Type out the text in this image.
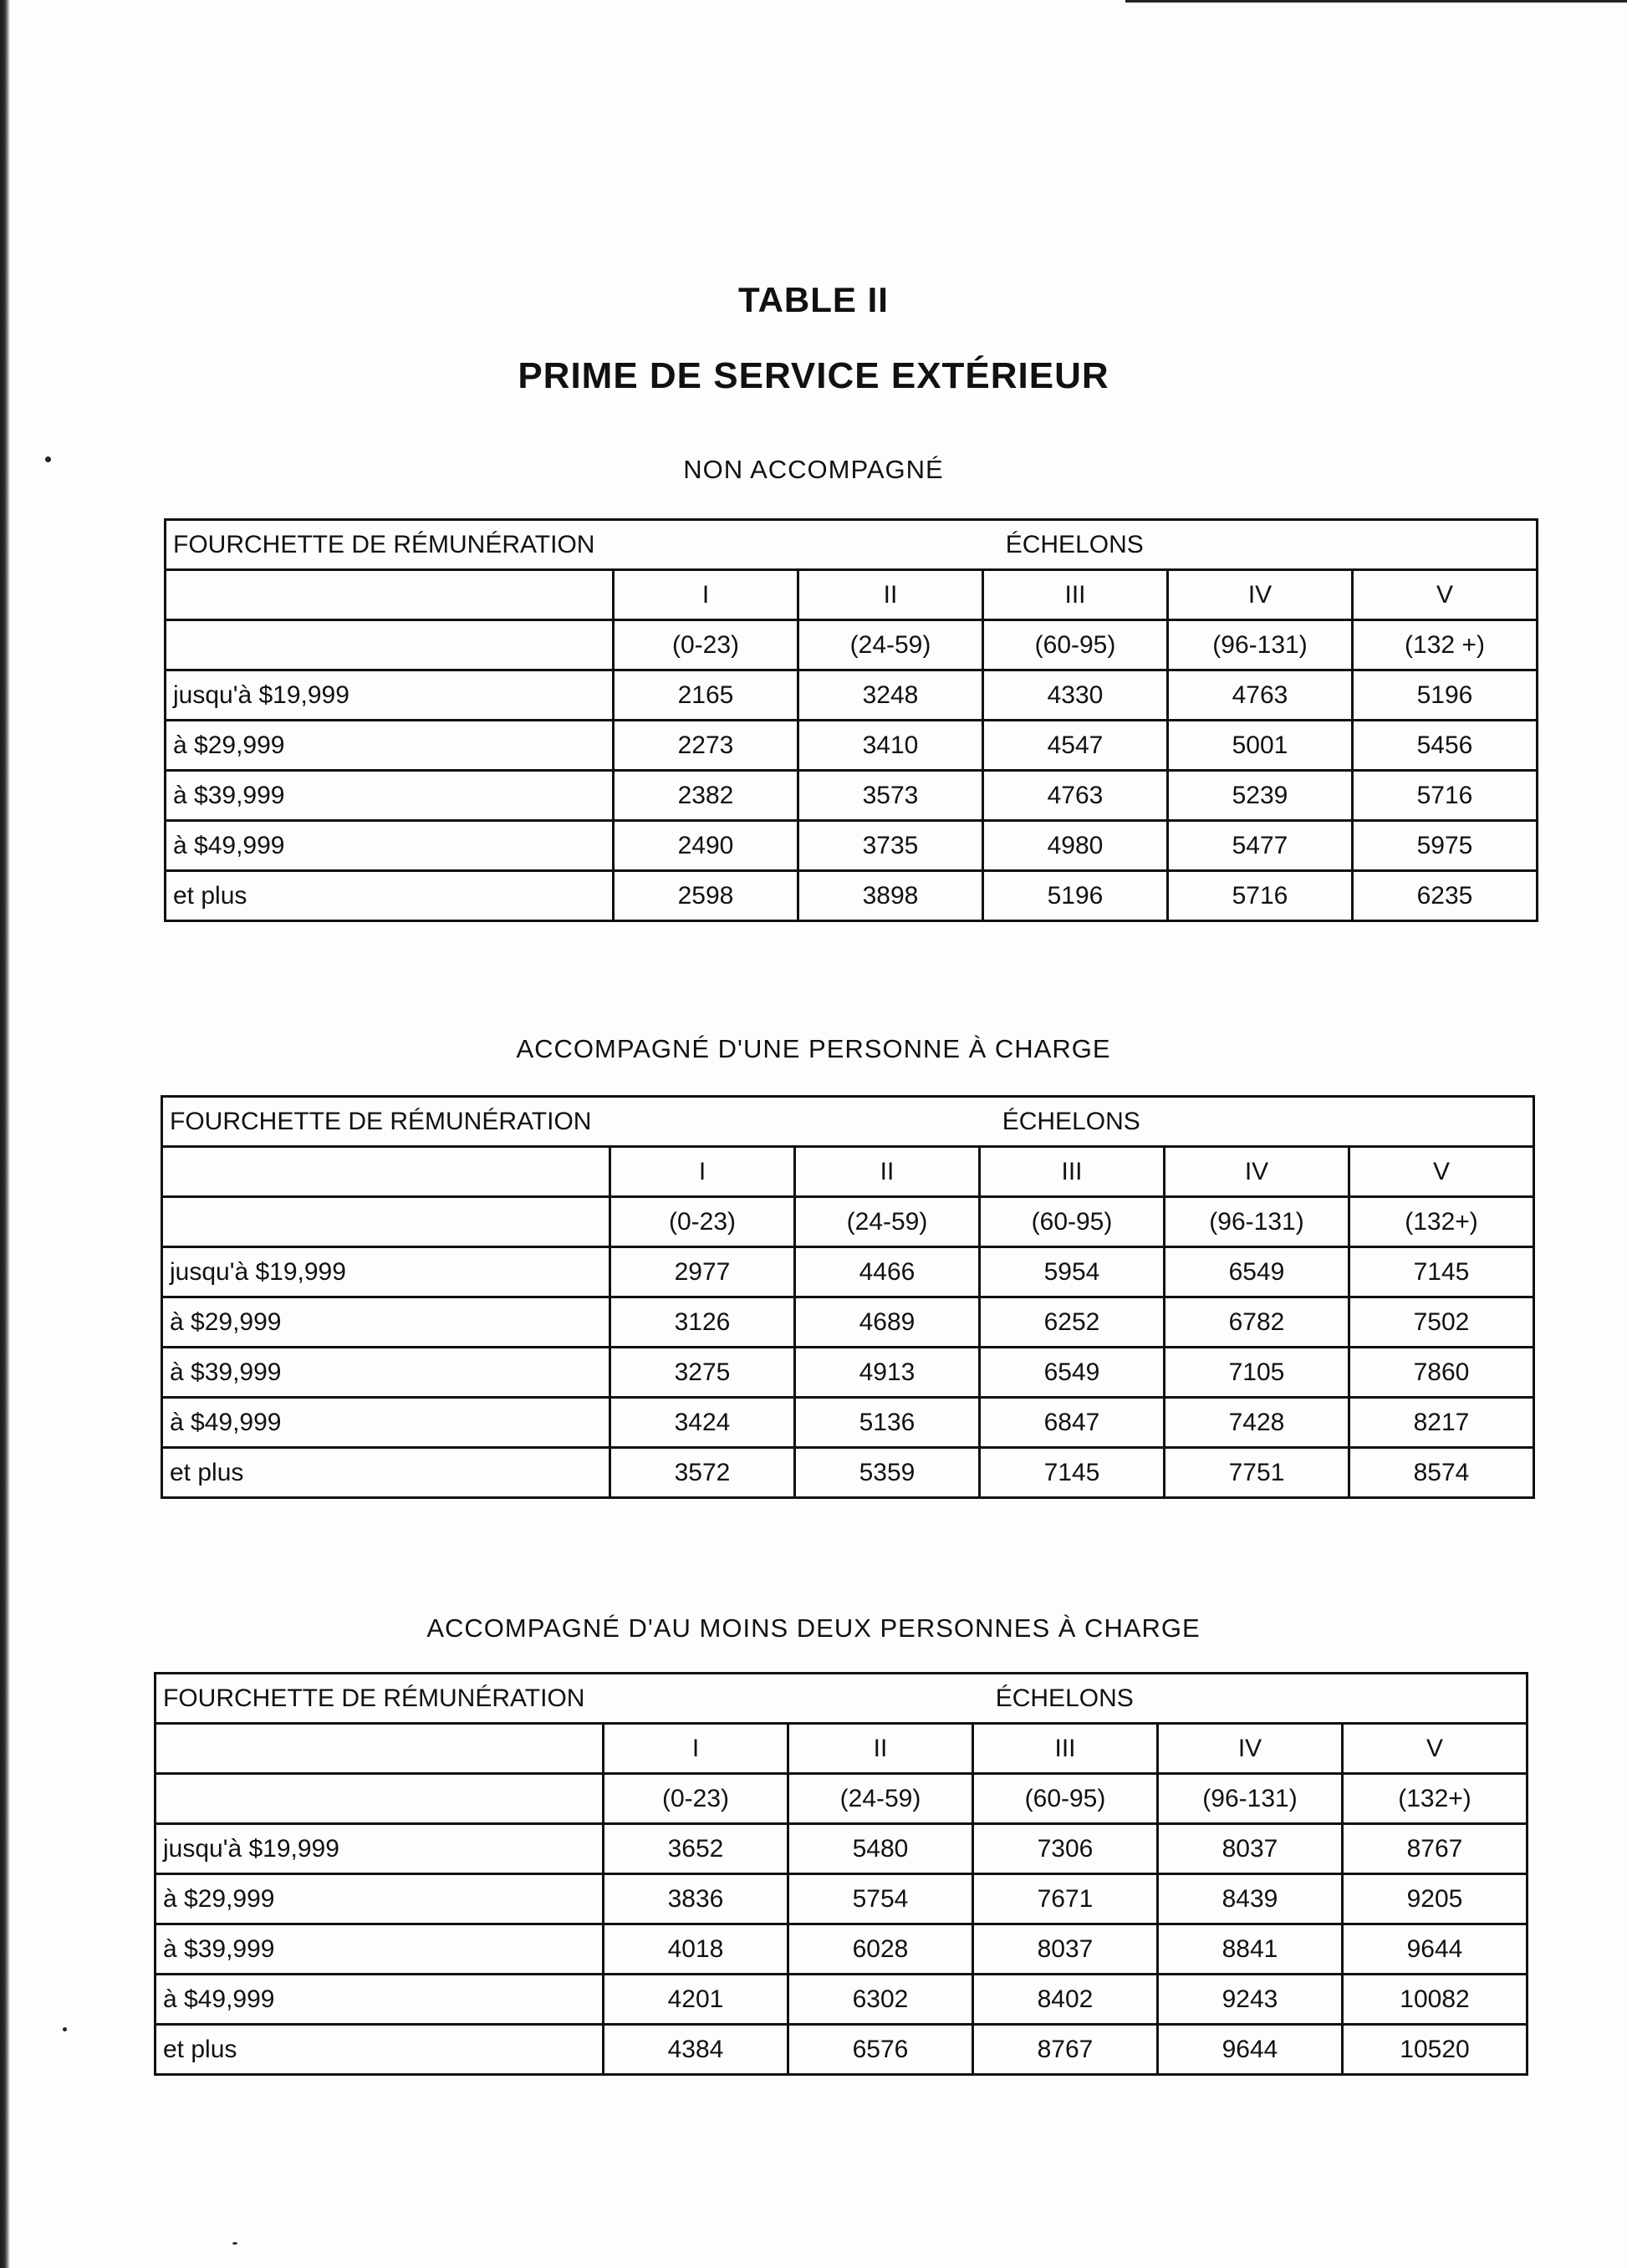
TABLE II
PRIME DE SERVICE EXTÉRIEUR
NON ACCOMPAGNÉ
FOURCHETTE DE RÉMUNÉRATION	ÉCHELONS				
	I	II	III	IV	V
	(0-23)	(24-59)	(60-95)	(96-131)	(132 +)
jusqu'à $19,999	2165	3248	4330	4763	5196
à $29,999	2273	3410	4547	5001	5456
à $39,999	2382	3573	4763	5239	5716
à $49,999	2490	3735	4980	5477	5975
et plus	2598	3898	5196	5716	6235
ACCOMPAGNÉ D'UNE PERSONNE À CHARGE
FOURCHETTE DE RÉMUNÉRATION	ÉCHELONS				
	I	II	III	IV	V
	(0-23)	(24-59)	(60-95)	(96-131)	(132+)
jusqu'à $19,999	2977	4466	5954	6549	7145
à $29,999	3126	4689	6252	6782	7502
à $39,999	3275	4913	6549	7105	7860
à $49,999	3424	5136	6847	7428	8217
et plus	3572	5359	7145	7751	8574
ACCOMPAGNÉ D'AU MOINS DEUX PERSONNES À CHARGE
FOURCHETTE DE RÉMUNÉRATION	ÉCHELONS				
	I	II	III	IV	V
	(0-23)	(24-59)	(60-95)	(96-131)	(132+)
jusqu'à $19,999	3652	5480	7306	8037	8767
à $29,999	3836	5754	7671	8439	9205
à $39,999	4018	6028	8037	8841	9644
à $49,999	4201	6302	8402	9243	10082
et plus	4384	6576	8767	9644	10520
